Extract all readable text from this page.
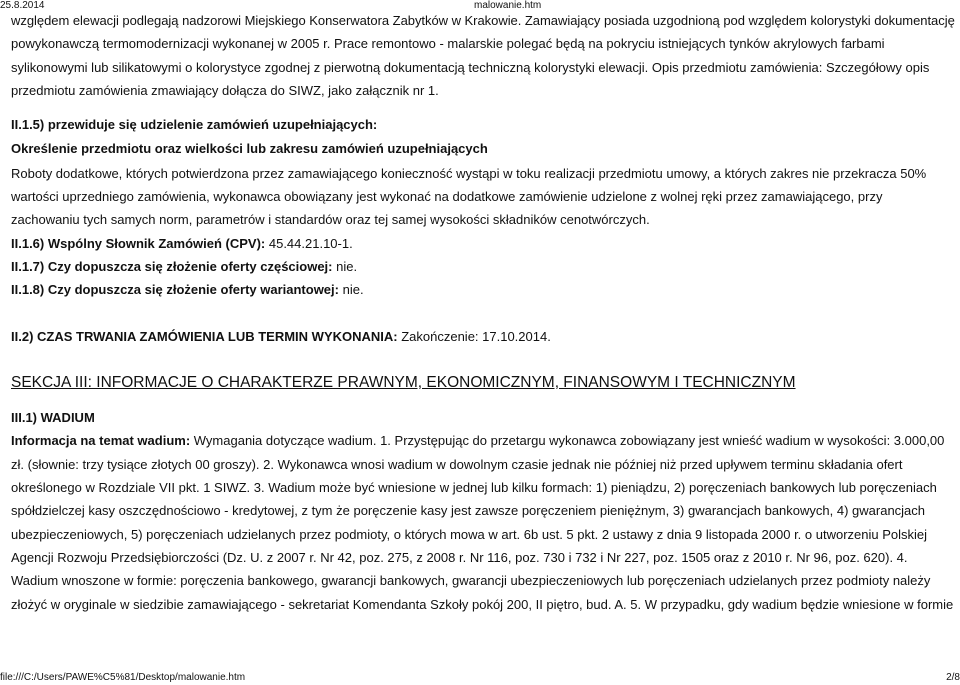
25.8.2014	malowanie.htm

względem elewacji podlegają nadzorowi Miejskiego Konserwatora Zabytków w Krakowie. Zamawiający posiada uzgodnioną pod względem kolorystyki dokumentację

powykonawczą termomodernizacji wykonanej w 2005 r. Prace remontowo - malarskie polegać będą na pokryciu istniejących tynków akrylowych farbami

sylikonowymi lub silikatowymi o kolorystyce zgodnej z pierwotną dokumentacją techniczną kolorystyki elewacji. Opis przedmiotu zamówienia: Szczegółowy opis

przedmiotu zamówienia zmawiający dołącza do SIWZ, jako załącznik nr 1.

II.1.5) przewiduje się udzielenie zamówień uzupełniających:

Określenie przedmiotu oraz wielkości lub zakresu zamówień uzupełniających

Roboty dodatkowe, których potwierdzona przez zamawiającego konieczność wystąpi w toku realizacji przedmiotu umowy, a których zakres nie przekracza 50%

wartości uprzedniego zamówienia, wykonawca obowiązany jest wykonać na dodatkowe zamówienie udzielone z wolnej ręki przez zamawiającego, przy

zachowaniu tych samych norm, parametrów i standardów oraz tej samej wysokości składników cenotwórczych.

II.1.6) Wspólny Słownik Zamówień (CPV): 45.44.21.10-1.

II.1.7) Czy dopuszcza się złożenie oferty częściowej: nie.

II.1.8) Czy dopuszcza się złożenie oferty wariantowej: nie.

II.2) CZAS TRWANIA ZAMÓWIENIA LUB TERMIN WYKONANIA: Zakończenie: 17.10.2014.

SEKCJA III: INFORMACJE O CHARAKTERZE PRAWNYM, EKONOMICZNYM, FINANSOWYM I TECHNICZNYM

III.1) WADIUM

Informacja na temat wadium: Wymagania dotyczące wadium. 1. Przystępując do przetargu wykonawca zobowiązany jest wnieść wadium w wysokości: 3.000,00

zł. (słownie: trzy tysiące złotych 00 groszy). 2. Wykonawca wnosi wadium w dowolnym czasie jednak nie później niż przed upływem terminu składania ofert

określonego w Rozdziale VII pkt. 1 SIWZ. 3. Wadium może być wniesione w jednej lub kilku formach: 1) pieniądzu, 2) poręczeniach bankowych lub poręczeniach

spółdzielczej kasy oszczędnościowo - kredytowej, z tym że poręczenie kasy jest zawsze poręczeniem pieniężnym, 3) gwarancjach bankowych, 4) gwarancjach

ubezpieczeniowych, 5) poręczeniach udzielanych przez podmioty, o których mowa w art. 6b ust. 5 pkt. 2 ustawy z dnia 9 listopada 2000 r. o utworzeniu Polskiej

Agencji Rozwoju Przedsiębiorczości (Dz. U. z 2007 r. Nr 42, poz. 275, z 2008 r. Nr 116, poz. 730 i 732 i Nr 227, poz. 1505 oraz z 2010 r. Nr 96, poz. 620). 4.

Wadium wnoszone w formie: poręczenia bankowego, gwarancji bankowych, gwarancji ubezpieczeniowych lub poręczeniach udzielanych przez podmioty należy

złożyć w oryginale w siedzibie zamawiającego - sekretariat Komendanta Szkoły pokój 200, II piętro, bud. A. 5. W przypadku, gdy wadium będzie wniesione w formie

file:///C:/Users/PAWE%C5%81/Desktop/malowanie.htm	2/8
